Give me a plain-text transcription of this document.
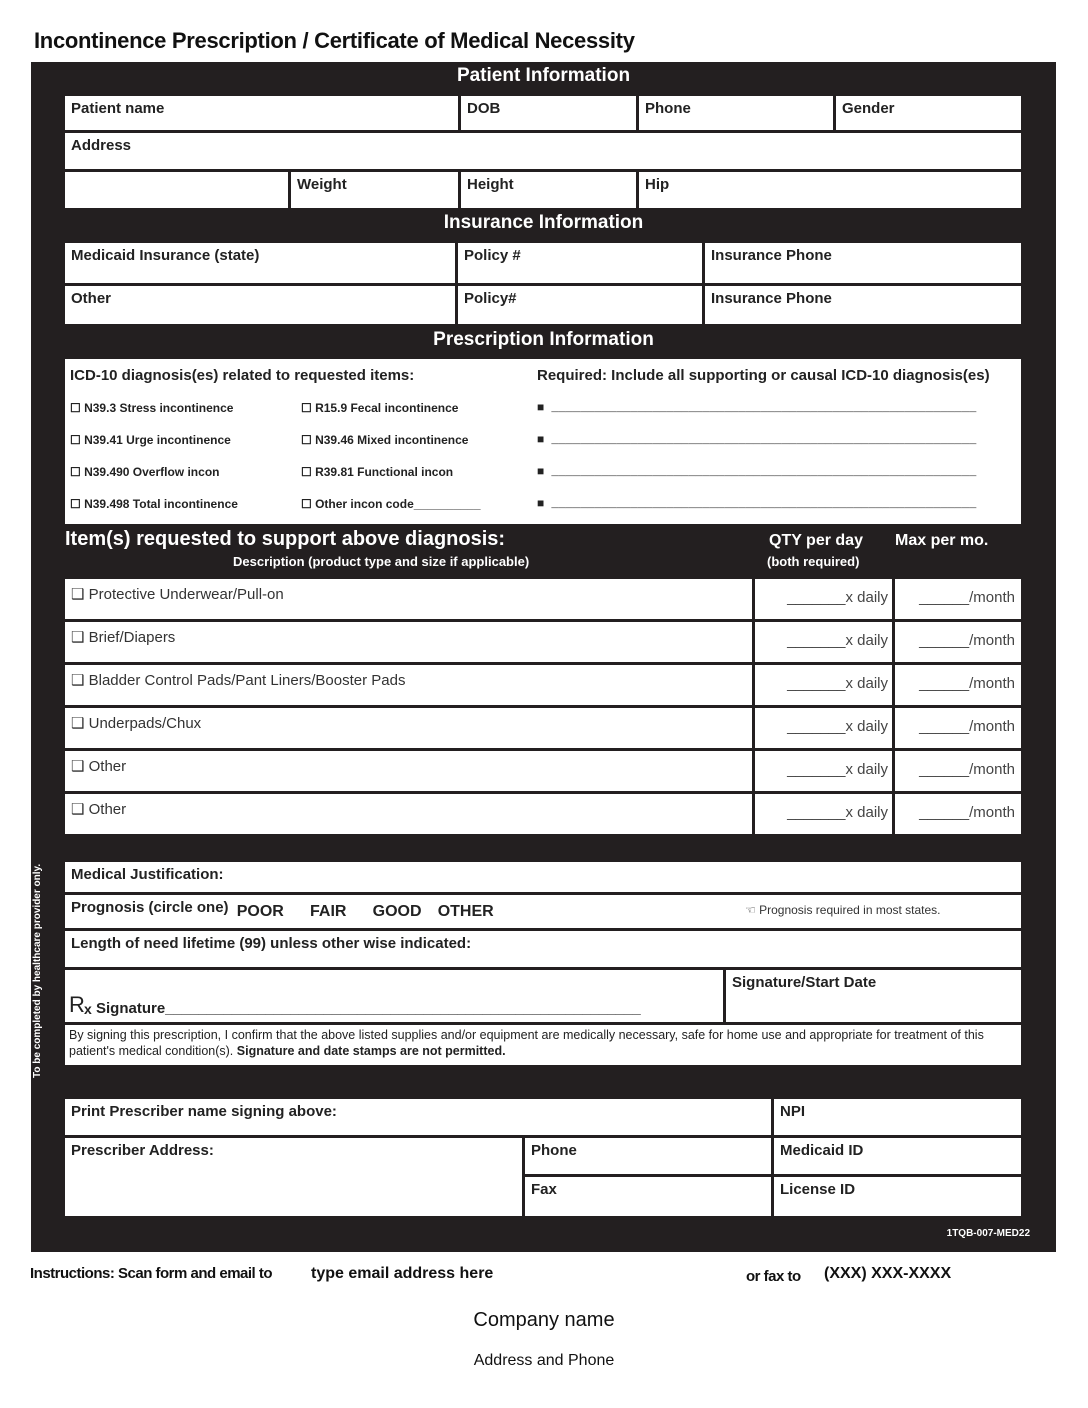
Incontinence Prescription / Certificate of Medical Necessity
Patient Information
Patient name	DOB	Phone	Gender
Address
Weight	Height	Hip
Insurance Information
Medicaid Insurance (state)	Policy #	Insurance Phone
Other	Policy#	Insurance Phone
Prescription Information
ICD-10 diagnosis(es) related to requested items:	Required: Include all supporting or causal ICD-10 diagnosis(es)
☐ N39.3 Stress incontinence
☐ N39.41 Urge incontinence
☐ N39.490 Overflow incon
☐ N39.498 Total incontinence
☐ R15.9 Fecal incontinence
☐ N39.46 Mixed incontinence
☐ R39.81 Functional incon
☐ Other incon code__________
■ ___________________________________________________________
■ ___________________________________________________________
■ ___________________________________________________________
■ ___________________________________________________________
Item(s) requested to support above diagnosis:
Description (product type and size if applicable)
QTY per day
(both required)
Max per mo.
❑ Protective Underwear/Pull-on	_______x daily	______/month
❑ Brief/Diapers	_______x daily	______/month
❑ Bladder Control Pads/Pant Liners/Booster Pads	_______x daily	______/month
❑ Underpads/Chux	_______x daily	______/month
❑ Other	_______x daily	______/month
❑ Other	_______x daily	______/month
Medical Justification:
Prognosis (circle one) POOR FAIR GOOD OTHER	☜ Prognosis required in most states.
Length of need lifetime (99) unless other wise indicated:
R x Signature_________________________________________________________
Signature/Start Date
By signing this prescription, I confirm that the above listed supplies and/or equipment are medically necessary, safe for home use and appropriate for treatment of this patient's medical condition(s). Signature and date stamps are not permitted.
Print Prescriber name signing above:	NPI
Prescriber Address:	Phone	Medicaid ID
Fax	License ID
1TQB-007-MED22
To be completed by healthcare provider only.
Instructions: Scan form and email to type email address here	or fax to (XXX) XXX-XXXX
Company name
Address and Phone
